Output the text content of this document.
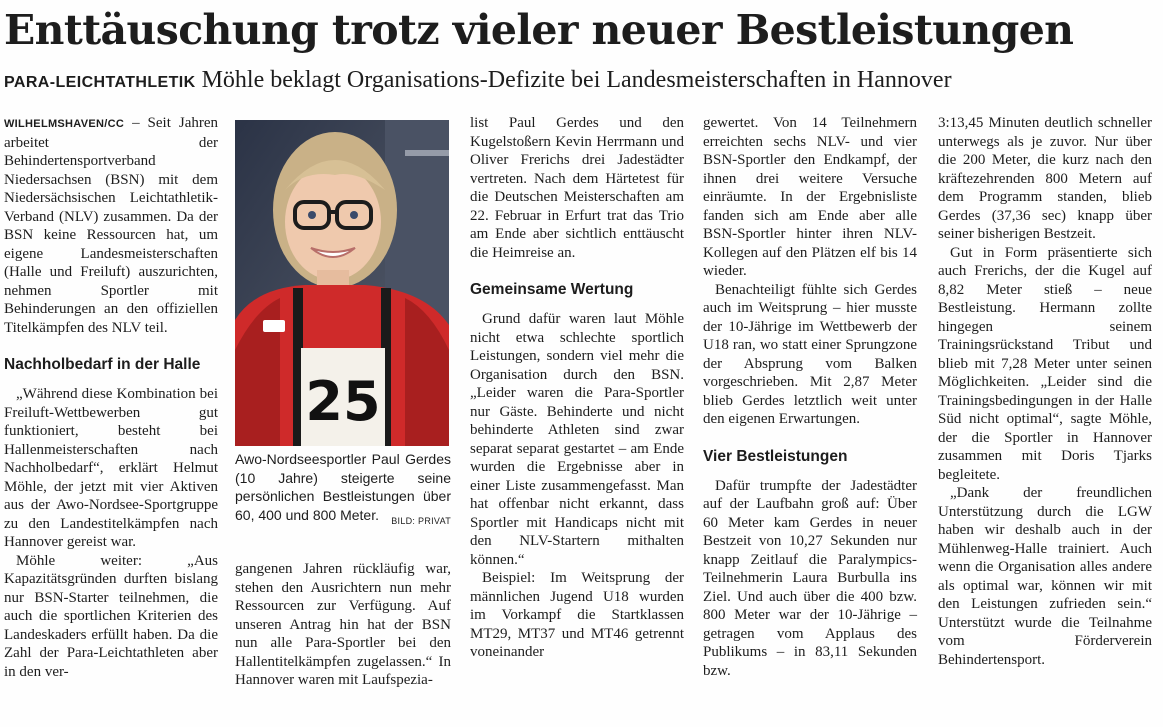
Enttäuschung trotz vieler neuer Bestleistungen
PARA-LEICHTATHLETIK Möhle beklagt Organisations-Defizite bei Landesmeisterschaften in Hannover

WILHELMSHAVEN/CC – Seit Jahren arbeitet der Behindertensportverband Niedersachsen (BSN) mit dem Niedersächsischen Leichtathletik-Verband (NLV) zusammen. Da der BSN keine Ressourcen hat, um eigene Landesmeisterschaften (Halle und Freiluft) auszurichten, nehmen Sportler mit Behinderungen an den offiziellen Titelkämpfen des NLV teil.

Nachholbedarf in der Halle

„Während diese Kombination bei Freiluft-Wettbewerben gut funktioniert, besteht bei Hallenmeisterschaften nach Nachholbedarf“, erklärt Helmut Möhle, der jetzt mit vier Aktiven aus der Awo-Nordsee-Sportgruppe zu den Landestitelkämpfen nach Hannover gereist war.

Möhle weiter: „Aus Kapazitätsgründen durften bislang nur BSN-Starter teilnehmen, die auch die sportlichen Kriterien des Landeskaders erfüllt haben. Da die Zahl der Para-Leichtathleten aber in den ver-

25
Awo-Nordseesportler Paul Gerdes (10 Jahre) steigerte seine persönlichen Bestleistungen über 60, 400 und 800 Meter. BILD: PRIVAT

gangenen Jahren rückläufig war, stehen den Ausrichtern nun mehr Ressourcen zur Verfügung. Auf unseren Antrag hin hat der BSN nun alle Para-Sportler bei den Hallentitelkämpfen zugelassen.“ In Hannover waren mit Laufspezia-

list Paul Gerdes und den Kugelstoßern Kevin Herrmann und Oliver Frerichs drei Jadestädter vertreten. Nach dem Härtetest für die Deutschen Meisterschaften am 22. Februar in Erfurt trat das Trio am Ende aber sichtlich enttäuscht die Heimreise an.

Gemeinsame Wertung

Grund dafür waren laut Möhle nicht etwa schlechte sportlich Leistungen, sondern viel mehr die Organisation durch den BSN. „Leider waren die Para-Sportler nur Gäste. Behinderte und nicht behinderte Athleten sind zwar separat separat gestartet – am Ende wurden die Ergebnisse aber in einer Liste zusammengefasst. Man hat offenbar nicht erkannt, dass Sportler mit Handicaps nicht mit den NLV-Startern mithalten können.“

Beispiel: Im Weitsprung der männlichen Jugend U18 wurden im Vorkampf die Startklassen MT29, MT37 und MT46 getrennt voneinander

gewertet. Von 14 Teilnehmern erreichten sechs NLV- und vier BSN-Sportler den Endkampf, der ihnen drei weitere Versuche einräumte. In der Ergebnisliste fanden sich am Ende aber alle BSN-Sportler hinter ihren NLV-Kollegen auf den Plätzen elf bis 14 wieder.

Benachteiligt fühlte sich Gerdes auch im Weitsprung – hier musste der 10-Jährige im Wettbewerb der U18 ran, wo statt einer Sprungzone der Absprung vom Balken vorgeschrieben. Mit 2,87 Meter blieb Gerdes letztlich weit unter den eigenen Erwartungen.

Vier Bestleistungen

Dafür trumpfte der Jadestädter auf der Laufbahn groß auf: Über 60 Meter kam Gerdes in neuer Bestzeit von 10,27 Sekunden nur knapp Zeitlauf die Paralympics-Teilnehmerin Laura Burbulla ins Ziel. Und auch über die 400 bzw. 800 Meter war der 10-Jährige – getragen vom Applaus des Publikums – in 83,11 Sekunden bzw.

3:13,45 Minuten deutlich schneller unterwegs als je zuvor. Nur über die 200 Meter, die kurz nach den kräftezehrenden 800 Metern auf dem Programm standen, blieb Gerdes (37,36 sec) knapp über seiner bisherigen Bestzeit.

Gut in Form präsentierte sich auch Frerichs, der die Kugel auf 8,82 Meter stieß – neue Bestleistung. Hermann zollte hingegen seinem Trainingsrückstand Tribut und blieb mit 7,28 Meter unter seinen Möglichkeiten. „Leider sind die Trainingsbedingungen in der Halle Süd nicht optimal“, sagte Möhle, der die Sportler in Hannover zusammen mit Doris Tjarks begleitete.

„Dank der freundlichen Unterstützung durch die LGW haben wir deshalb auch in der Mühlenweg-Halle trainiert. Auch wenn die Organisation alles andere als optimal war, können wir mit den Leistungen zufrieden sein.“ Unterstützt wurde die Teilnahme vom Förderverein Behindertensport.
